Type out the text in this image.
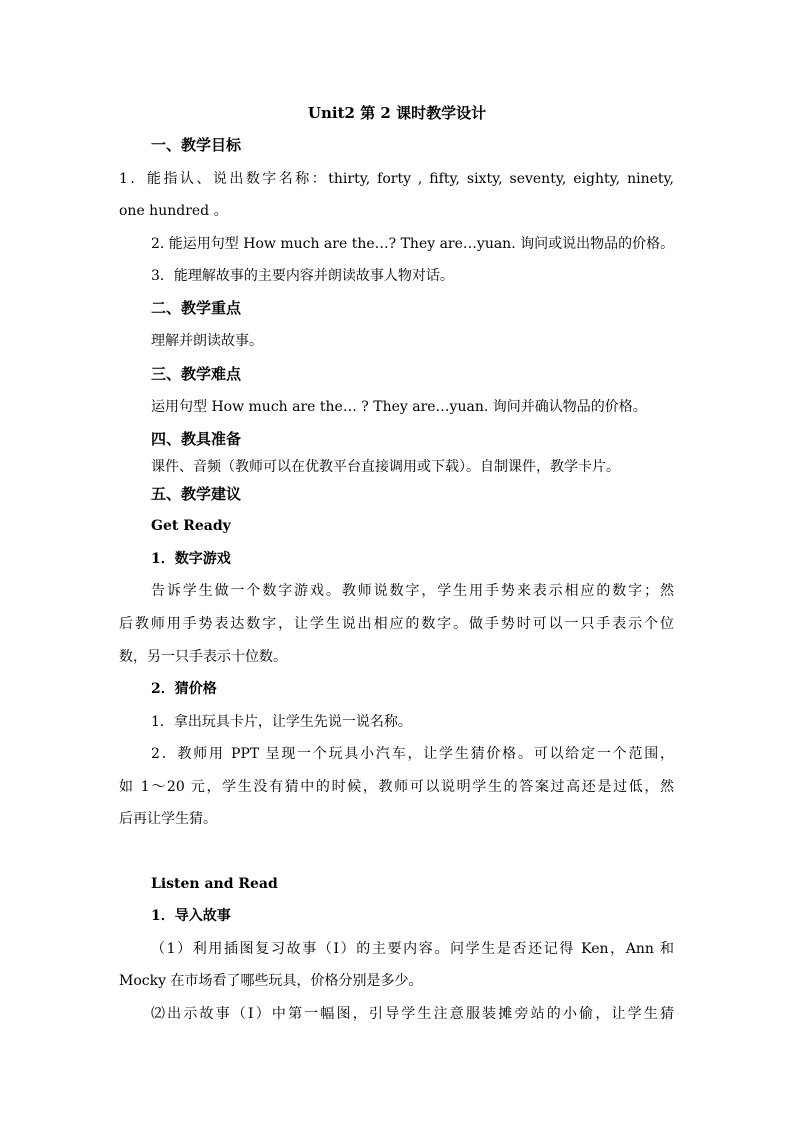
Unit2 第 2 课时教学设计
一、教学目标
1．能指认、说出数字名称：thirty, forty , fifty, sixty, seventy, eighty, ninety,
one hundred 。
2. 能运用句型 How much are the…? They are…yuan. 询问或说出物品的价格。
3．能理解故事的主要内容并朗读故事人物对话。
二、教学重点
理解并朗读故事。
三、教学难点
运用句型 How much are the… ? They are…yuan. 询问并确认物品的价格。
四、教具准备
课件、音频（教师可以在优教平台直接调用或下载）。自制课件，教学卡片。
五、教学建议
Get Ready
1．数字游戏
告诉学生做一个数字游戏。教师说数字，学生用手势来表示相应的数字；然
后教师用手势表达数字，让学生说出相应的数字。做手势时可以一只手表示个位
数，另一只手表示十位数。
2．猜价格
1．拿出玩具卡片，让学生先说一说名称。
2．教师用 PPT 呈现一个玩具小汽车，让学生猜价格。可以给定一个范围，
如 1～20 元，学生没有猜中的时候，教师可以说明学生的答案过高还是过低，然
后再让学生猜。
Listen and Read
1．导入故事
（1）利用插图复习故事（I）的主要内容。问学生是否还记得 Ken，Ann 和
Mocky 在市场看了哪些玩具，价格分别是多少。
⑵出示故事（I）中第一幅图，引导学生注意服装摊旁站的小偷，让学生猜
